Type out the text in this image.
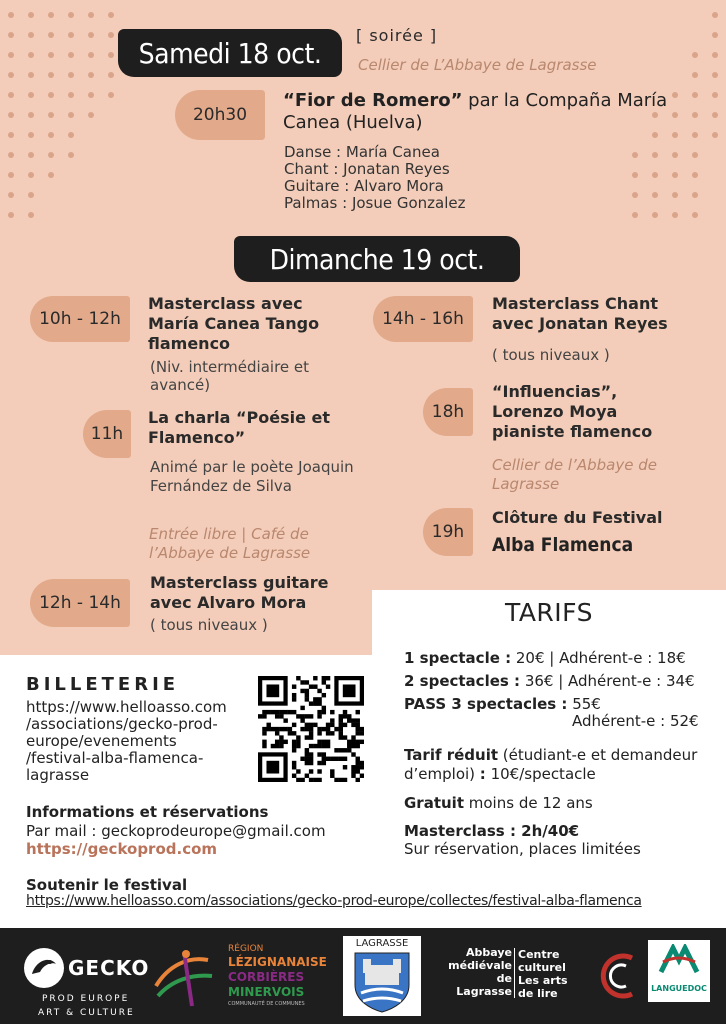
Samedi 18 oct.
[ soirée ]
Cellier de L’Abbaye de Lagrasse
20h30
“Fior de Romero” par la Compaña María Canea (Huelva)
Danse : María Canea
Chant : Jonatan Reyes
Guitare : Alvaro Mora
Palmas : Josue Gonzalez
Dimanche 19 oct.
10h - 12h
Masterclass avec María Canea Tango flamenco
(Niv. intermédiaire et avancé)
11h
La charla “Poésie et Flamenco”
Animé par le poète Joaquin Fernández de Silva
Entrée libre | Café de l’Abbaye de Lagrasse
12h - 14h
Masterclass guitare avec Alvaro Mora
( tous niveaux )
14h - 16h
Masterclass Chant avec Jonatan Reyes
( tous niveaux )
18h
“Influencias”, Lorenzo Moya pianiste flamenco
Cellier de l’Abbaye de Lagrasse
19h
Clôture du Festival
Alba Flamenca
TARIFS
1 spectacle : 20€ | Adhérent-e : 18€
2 spectacles : 36€ | Adhérent-e : 34€
PASS 3 spectacles : 55€
Adhérent-e : 52€
Tarif réduit (étudiant-e et demandeur d’emploi) : 10€/spectacle
Gratuit moins de 12 ans
Masterclass : 2h/40€
Sur réservation, places limitées
BILLETERIE
https://www.helloasso.com
/associations/gecko-prod-
europe/evenements
/festival-alba-flamenca-
lagrasse
Informations et réservations
Par mail : geckoprodeurope@gmail.com
https://geckoprod.com
Soutenir le festival
https://www.helloasso.com/associations/gecko-prod-europe/collectes/festival-alba-flamenca
GECKO
PROD EUROPE
ART & CULTURE
RÉGION
LÉZIGNANAISE
CORBIÈRES
MINERVOIS
COMMUNAUTÉ DE COMMUNES
LAGRASSE
Abbaye
médiévale
de
Lagrasse
Centre
culturel
Les arts
de lire	LANGUEDOC
